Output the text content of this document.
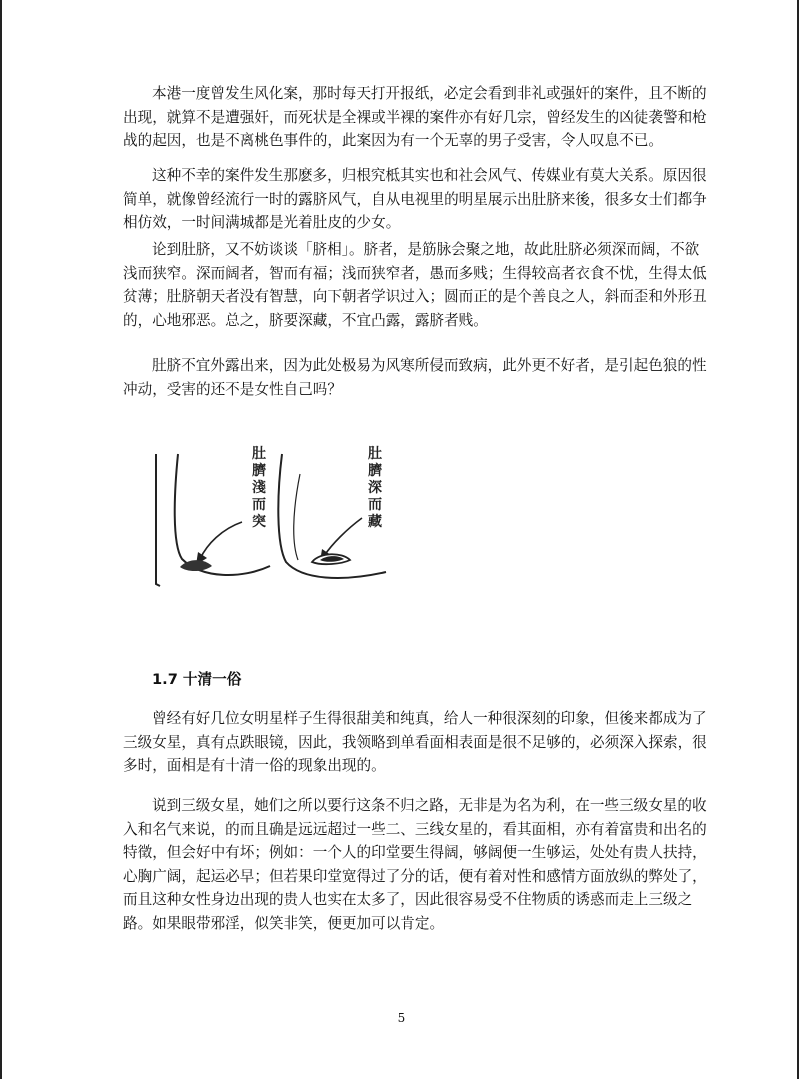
本港一度曾发生风化案，那时每天打开报纸，必定会看到非礼或强奸的案件，且不断的
出现，就算不是遭强奸，而死状是全裸或半裸的案件亦有好几宗，曾经发生的凶徒袭警和枪
战的起因，也是不离桃色事件的，此案因为有一个无辜的男子受害，令人叹息不已。

这种不幸的案件发生那麽多，归根究柢其实也和社会风气、传媒业有莫大关系。原因很
简单，就像曾经流行一时的露脐风气，自从电视里的明星展示出肚脐来後，很多女士们都争
相仿效，一时间满城都是光着肚皮的少女。

论到肚脐，又不妨谈谈「脐相」。脐者，是筋脉会聚之地，故此肚脐必须深而阔，不欲
浅而狭窄。深而阔者，智而有福；浅而狭窄者，愚而多贱；生得较高者衣食不忧，生得太低
贫薄；肚脐朝天者没有智慧，向下朝者学识过入；圆而正的是个善良之人，斜而歪和外形丑
的，心地邪恶。总之，脐要深藏，不宜凸露，露脐者贱。

肚脐不宜外露出来，因为此处极易为风寒所侵而致病，此外更不好者，是引起色狼的性
冲动，受害的还不是女性自己吗？

肚臍淺而突
肚臍深而藏
1.7 十清一俗

曾经有好几位女明星样子生得很甜美和纯真，给人一种很深刻的印象，但後来都成为了
三级女星，真有点跌眼镜，因此，我领略到单看面相表面是很不足够的，必须深入探索，很
多时，面相是有十清一俗的现象出现的。

说到三级女星，她们之所以要行这条不归之路，无非是为名为利，在一些三级女星的收
入和名气来说，的而且确是远远超过一些二、三线女星的，看其面相，亦有着富贵和出名的
特徵，但会好中有坏；例如：一个人的印堂要生得阔，够阔便一生够运，处处有贵人扶持，
心胸广阔，起运必早；但若果印堂宽得过了分的话，便有着对性和感情方面放纵的弊处了，
而且这种女性身边出现的贵人也实在太多了，因此很容易受不住物质的诱惑而走上三级之
路。如果眼带邪淫，似笑非笑，便更加可以肯定。

5
